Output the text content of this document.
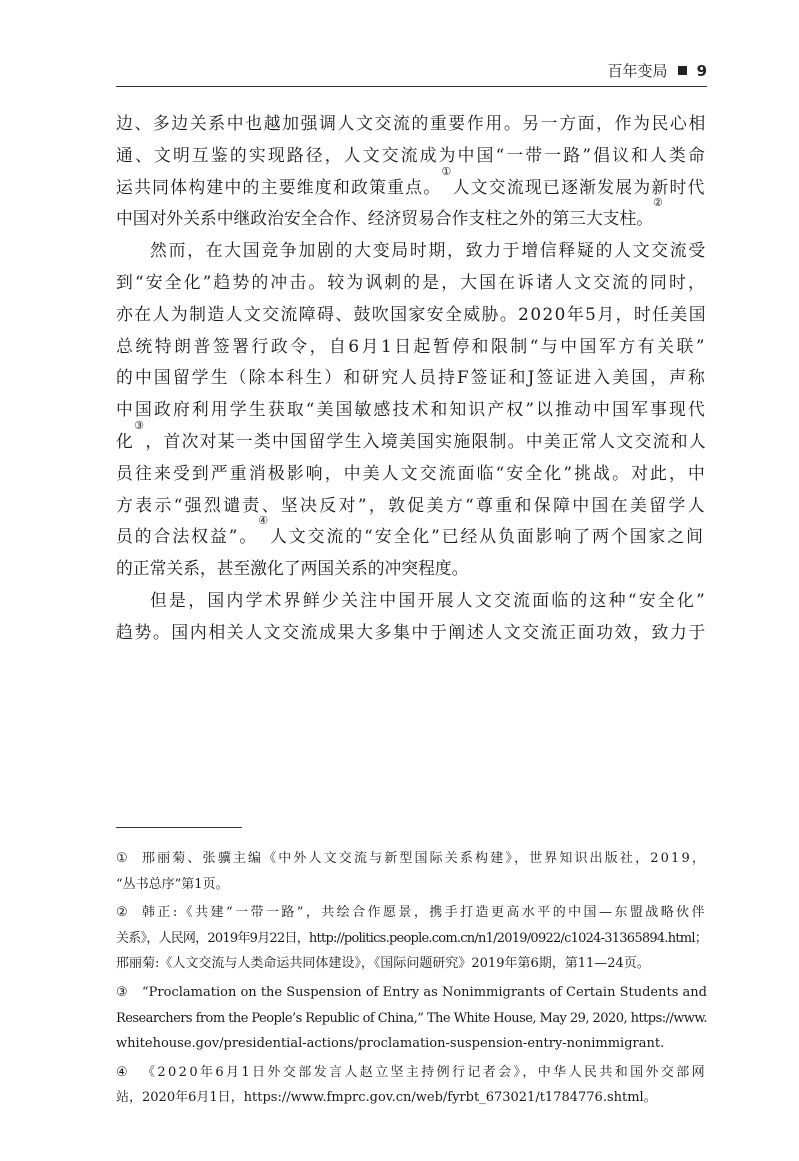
百年变局 9
边、多边关系中也越加强调人文交流的重要作用。另一方面，作为民心相
通、文明互鉴的实现路径，人文交流成为中国“一带一路”倡议和人类命
运共同体构建中的主要维度和政策重点。
①
人文交流现已逐渐发展为新时代
中国对外关系中继政治安全合作、经济贸易合作支柱之外的第三大支柱。
②
然而，在大国竞争加剧的大变局时期，致力于增信释疑的人文交流受
到“安全化”趋势的冲击。较为讽刺的是，大国在诉诸人文交流的同时，
亦在人为制造人文交流障碍、鼓吹国家安全威胁。2020年5月，时任美国
总统特朗普签署行政令，自6月1日起暂停和限制“与中国军方有关联”
的中国留学生（除本科生）和研究人员持F签证和J签证进入美国，声称
中国政府利用学生获取“美国敏感技术和知识产权”以推动中国军事现代
化
③
，首次对某一类中国留学生入境美国实施限制。中美正常人文交流和人
员往来受到严重消极影响，中美人文交流面临“安全化”挑战。对此，中
方表示“强烈谴责、坚决反对”，敦促美方“尊重和保障中国在美留学人
员的合法权益”。
④
人文交流的“安全化”已经从负面影响了两个国家之间
的正常关系，甚至激化了两国关系的冲突程度。
但是，国内学术界鲜少关注中国开展人文交流面临的这种“安全化”
趋势。国内相关人文交流成果大多集中于阐述人文交流正面功效，致力于
①	邢丽菊、张骥主编《中外人文交流与新型国际关系构建》，世界知识出版社，2019，
“丛书总序”第1页。
②	韩正:《共建“一带一路”，共绘合作愿景，携手打造更高水平的中国—东盟战略伙伴
关系》，人民网，2019年9月22日，http://politics.people.com.cn/n1/2019/0922/c1024-31365894.html；
邢丽菊:《人文交流与人类命运共同体建设》，《国际问题研究》2019年第6期，第11—24页。
③	“Proclamation on the Suspension of Entry as Nonimmigrants of Certain Students and
Researchers from the People’s Republic of China,” The White House, May 29, 2020, https://www.
whitehouse.gov/presidential-actions/proclamation-suspension-entry-nonimmigrant.
④	《2020年6月1日外交部发言人赵立坚主持例行记者会》，中华人民共和国外交部网
站，2020年6月1日，https://www.fmprc.gov.cn/web/fyrbt_673021/t1784776.shtml。
